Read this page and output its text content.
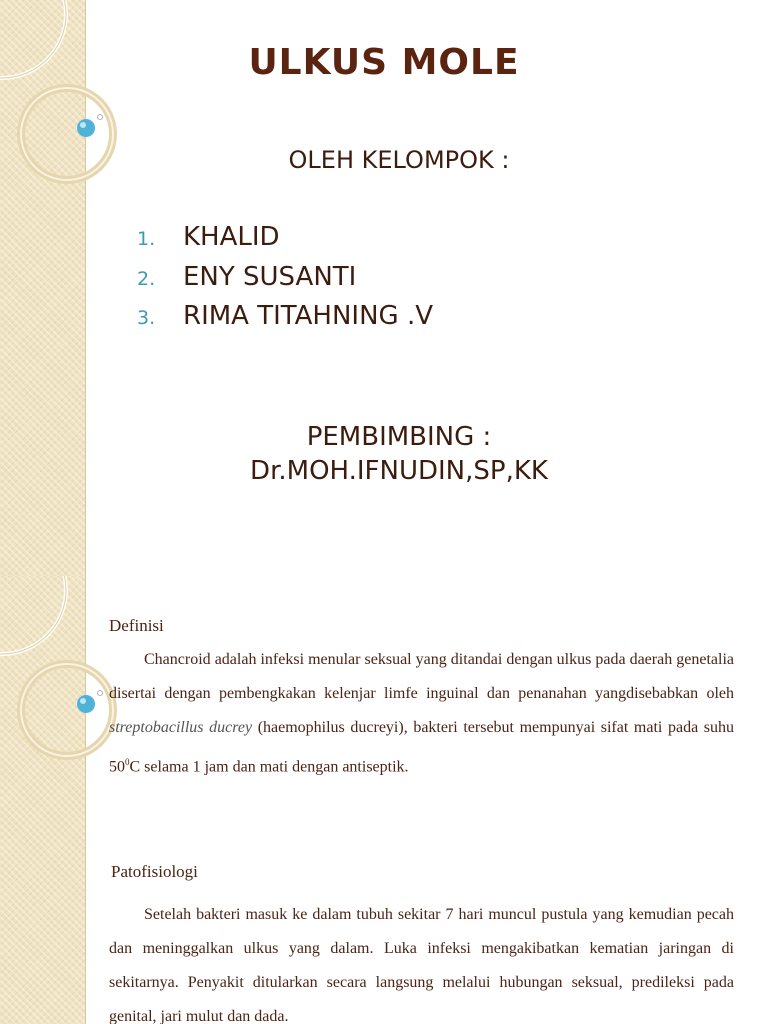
ULKUS MOLE
OLEH KELOMPOK :
1.	KHALID
2.	ENY SUSANTI
3.	RIMA TITAHNING .V
PEMBIMBING :
Dr.MOH.IFNUDIN,SP,KK
Definisi
Chancroid adalah infeksi menular seksual yang ditandai dengan ulkus pada daerah genetalia disertai dengan pembengkakan kelenjar limfe inguinal dan penanahan yangdisebabkan oleh streptobacillus ducrey (haemophilus ducreyi), bakteri tersebut mempunyai sifat mati pada suhu $50^0C$ selama 1 jam dan mati dengan antiseptik.
Patofisiologi
Setelah bakteri masuk ke dalam tubuh sekitar 7 hari muncul pustula yang kemudian pecah dan meninggalkan ulkus yang dalam. Luka infeksi mengakibatkan kematian jaringan di sekitarnya. Penyakit ditularkan secara langsung melalui hubungan seksual, predileksi pada genital, jari mulut dan dada.
